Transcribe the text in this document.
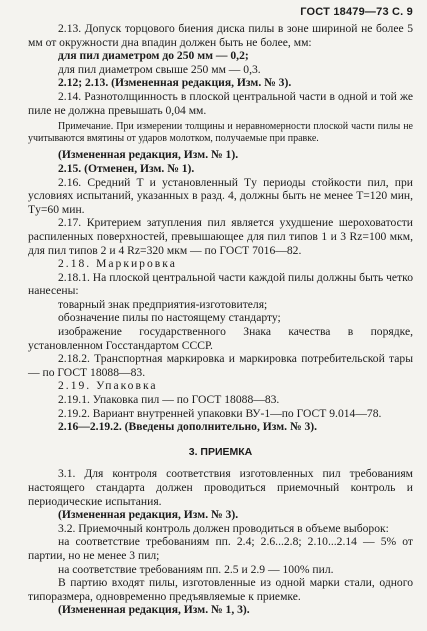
ГОСТ 18479—73 С. 9

2.13. Допуск торцового биения диска пилы в зоне шириной не более 5 мм от окружности дна впадин должен быть не более, мм:

для пил диаметром до 250 мм — 0,2;

для пил диаметром свыше 250 мм — 0,3.

2.12; 2.13. (Измененная редакция, Изм. № 3).

2.14. Разнотолщинность в плоской центральной части в одной и той же пиле не должна превышать 0,04 мм.

Примечание. При измерении толщины и неравномерности плоской части пилы не учитываются вмятины от ударов молотком, получаемые при правке.

(Измененная редакция, Изм. № 1).

2.15. (Отменен, Изм. № 1).

2.16. Средний T и установленный Tу периоды стойкости пил, при условиях испытаний, указанных в разд. 4, должны быть не менее T=120 мин, Tу=60 мин.

2.17. Критерием затупления пил является ухудшение шероховатости распиленных поверхностей, превышающее для пил типов 1 и 3 Rz=100 мкм, для пил типов 2 и 4 Rz=320 мкм — по ГОСТ 7016—82.

2.18. Маркировка

2.18.1. На плоской центральной части каждой пилы должны быть четко нанесены:

товарный знак предприятия-изготовителя;

обозначение пилы по настоящему стандарту;

изображение государственного Знака качества в порядке, установленном Госстандартом СССР.

2.18.2. Транспортная маркировка и маркировка потребительской тары — по ГОСТ 18088—83.

2.19. Упаковка

2.19.1. Упаковка пил — по ГОСТ 18088—83.

2.19.2. Вариант внутренней упаковки ВУ-1—по ГОСТ 9.014—78.

2.16—2.19.2. (Введены дополнительно, Изм. № 3).

3. ПРИЕМКА

3.1. Для контроля соответствия изготовленных пил требованиям настоящего стандарта должен проводиться приемочный контроль и периодические испытания.

(Измененная редакция, Изм. № 3).

3.2. Приемочный контроль должен проводиться в объеме выборок:

на соответствие требованиям пп. 2.4; 2.6...2.8; 2.10...2.14 — 5% от партии, но не менее 3 пил;

на соответствие требованиям пп. 2.5 и 2.9 — 100% пил.

В партию входят пилы, изготовленные из одной марки стали, одного типоразмера, одновременно предъявляемые к приемке.

(Измененная редакция, Изм. № 1, 3).
